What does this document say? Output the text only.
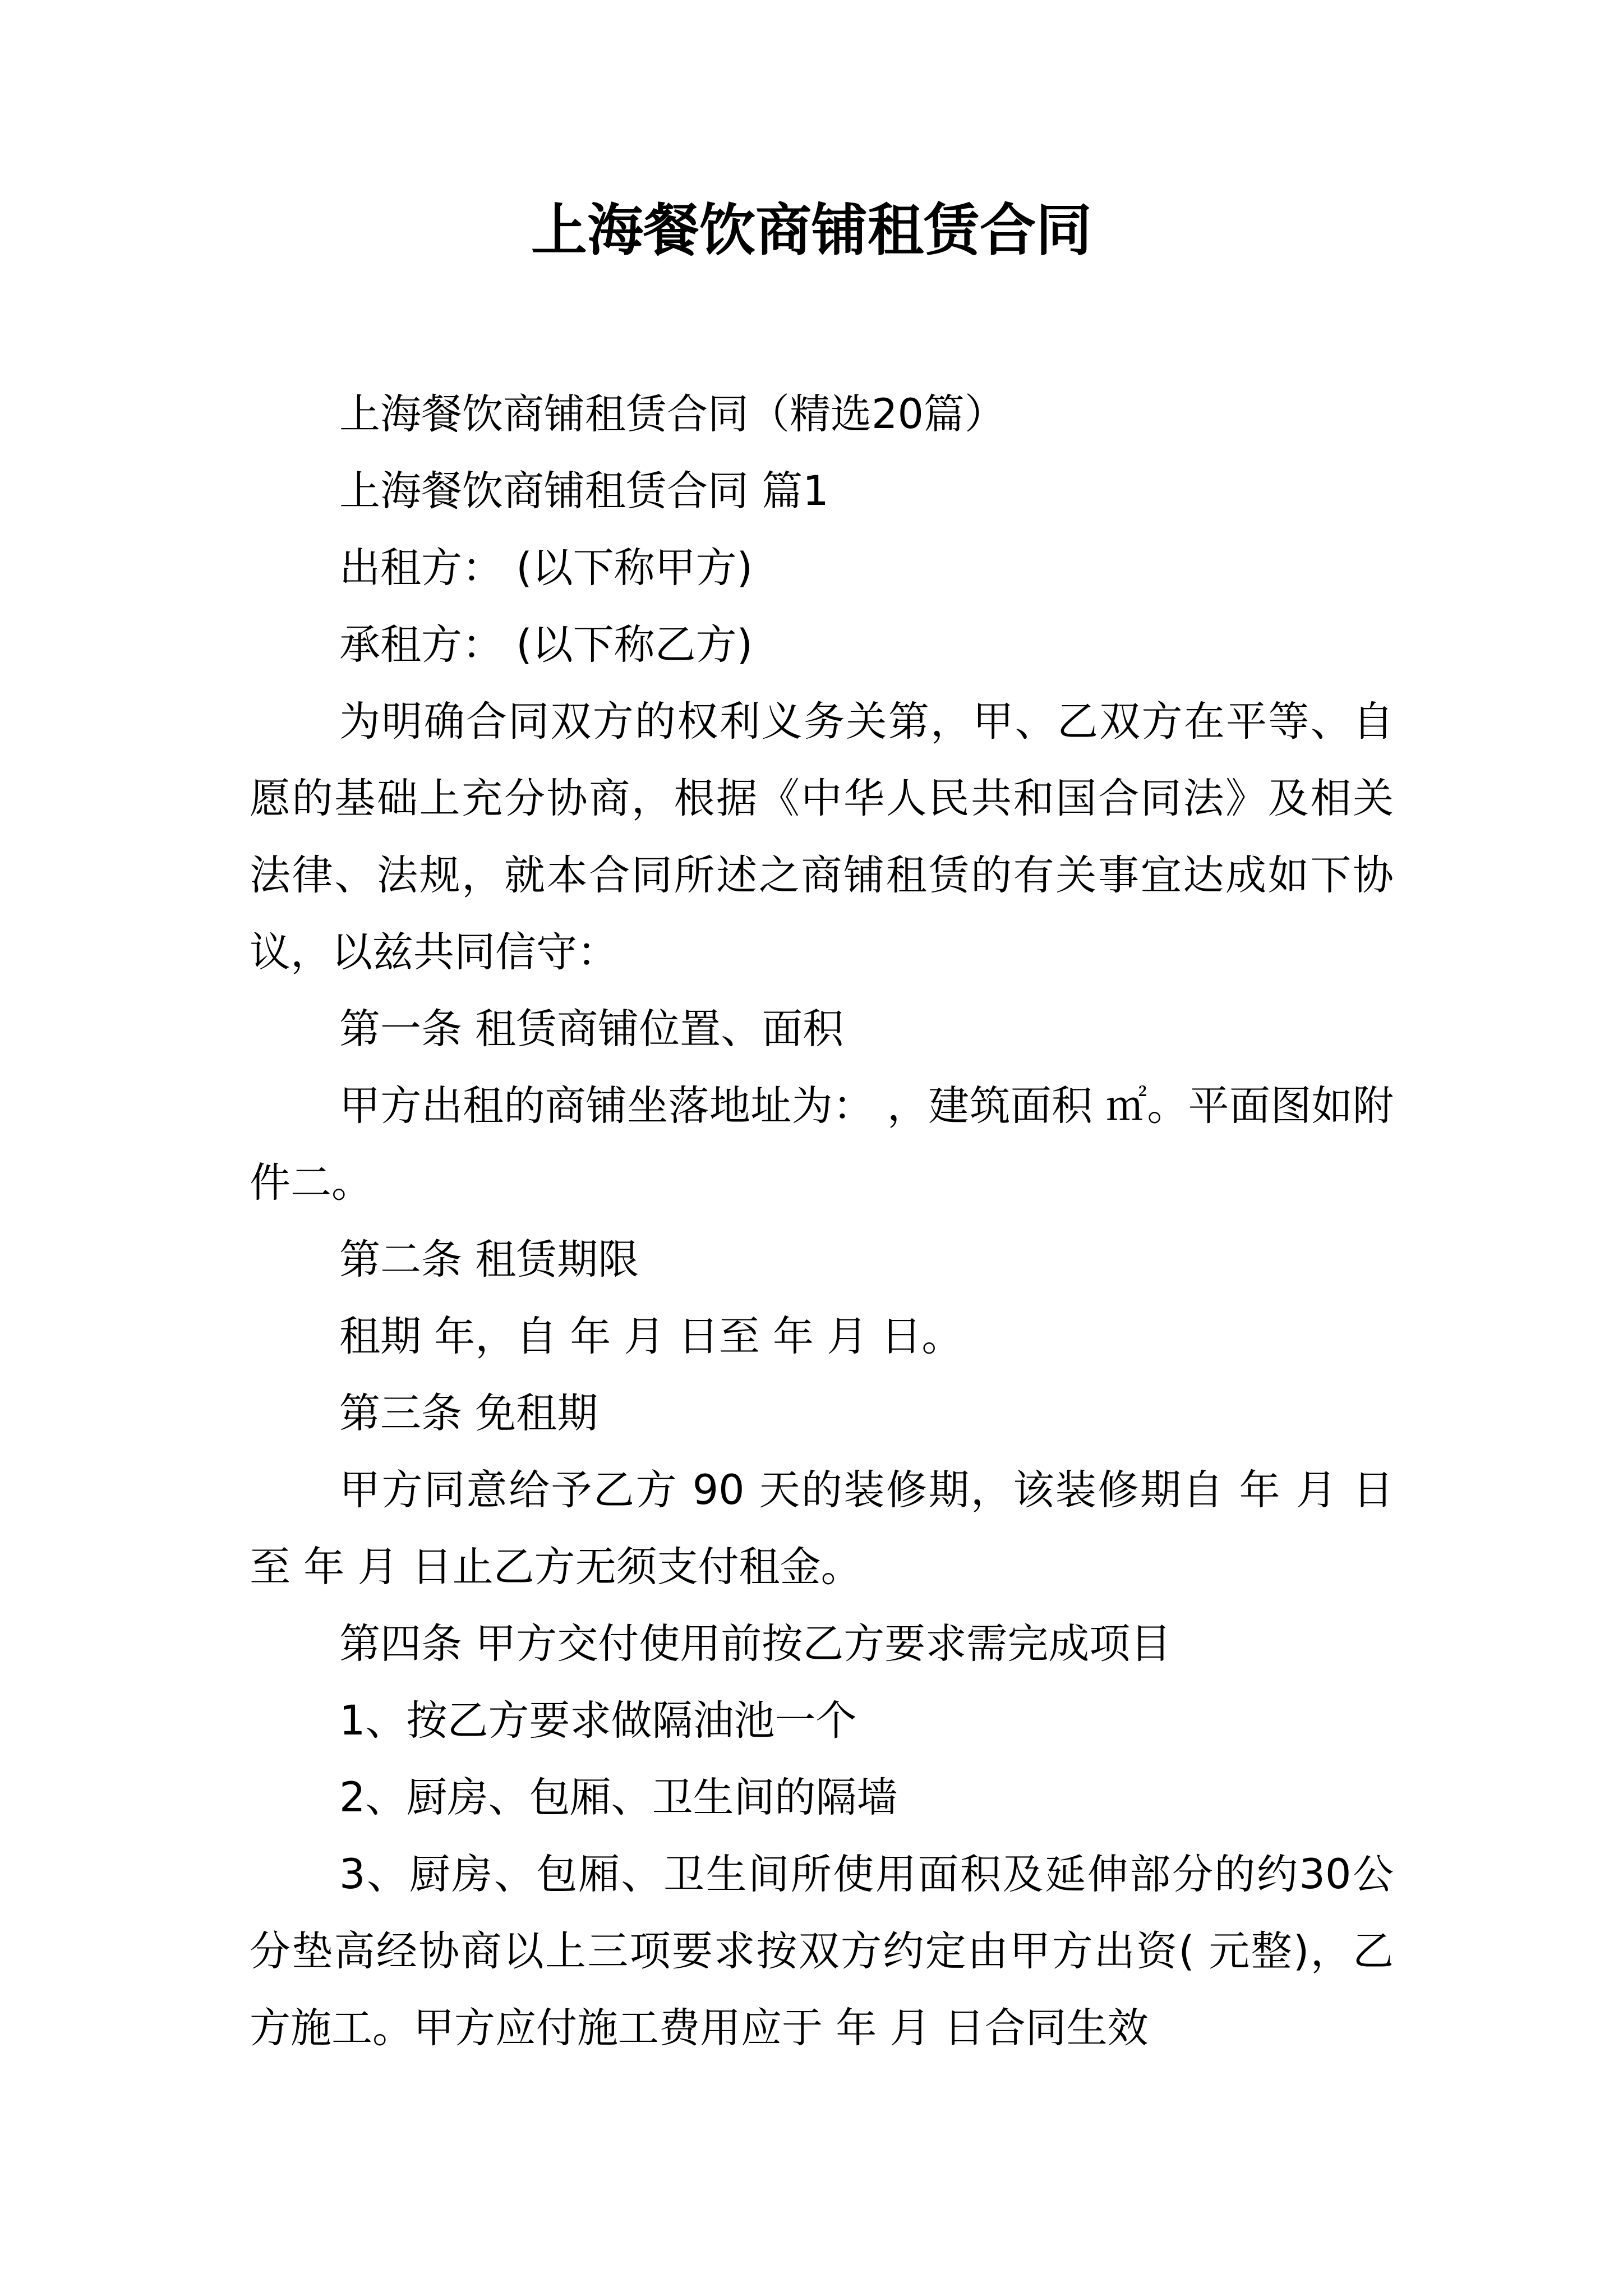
上海餐饮商铺租赁合同

上海餐饮商铺租赁合同（精选20篇）

上海餐饮商铺租赁合同 篇1

出租方： (以下称甲方)

承租方： (以下称乙方)

为明确合同双方的权利义务关第，甲、乙双方在平等、自愿的基础上充分协商，根据《中华人民共和国合同法》及相关法律、法规，就本合同所述之商铺租赁的有关事宜达成如下协议，以兹共同信守：

第一条 租赁商铺位置、面积

甲方出租的商铺坐落地址为： ，建筑面积 ㎡。平面图如附件二。

第二条 租赁期限

租期 年，自 年 月 日至 年 月 日。

第三条 免租期

甲方同意给予乙方 90 天的装修期，该装修期自 年 月 日至 年 月 日止乙方无须支付租金。

第四条 甲方交付使用前按乙方要求需完成项目

1、按乙方要求做隔油池一个

2、厨房、包厢、卫生间的隔墙

3、厨房、包厢、卫生间所使用面积及延伸部分的约30公分垫高经协商以上三项要求按双方约定由甲方出资( 元整)，乙方施工。甲方应付施工费用应于 年 月 日合同生效
